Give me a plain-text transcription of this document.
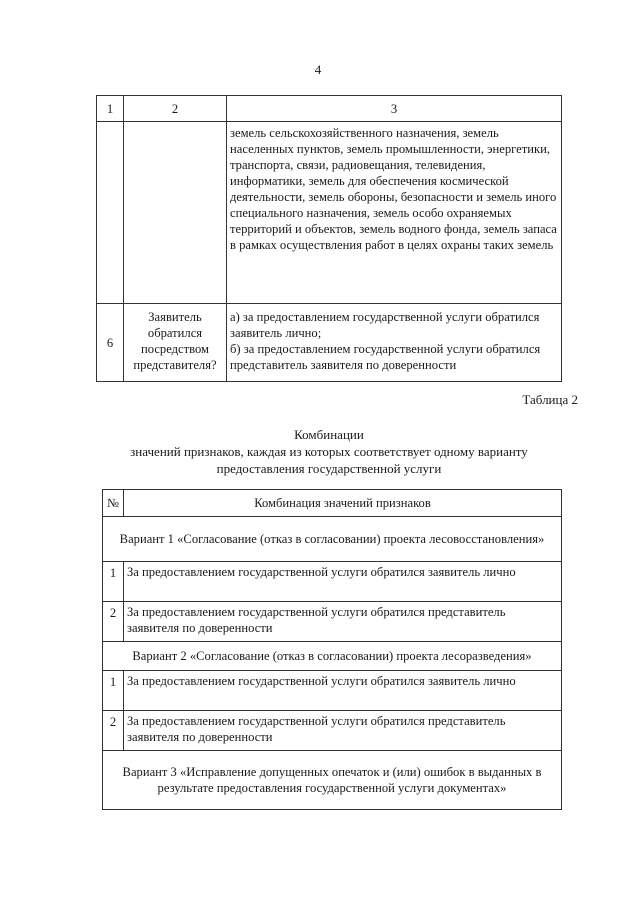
4
1	2	3
		земель сельскохозяйственного назначения, земель населенных пунктов, земель промышленности, энергетики, транспорта, связи, радиовещания, телевидения, информатики, земель для обеспечения космической деятельности, земель обороны, безопасности и земель иного специального назначения, земель особо охраняемых территорий и объектов, земель водного фонда, земель запаса в рамках осуществления работ в целях охраны таких земель
6	Заявитель обратился посредством представителя?	а) за предоставлением государственной услуги обратился заявитель лично;
б) за предоставлением государственной услуги обратился представитель заявителя по доверенности
Таблица 2
Комбинации
значений признаков, каждая из которых соответствует одному варианту
предоставления государственной услуги
№	Комбинация значений признаков
Вариант 1 «Согласование (отказ в согласовании) проекта лесовосстановления»	
1	За предоставлением государственной услуги обратился заявитель лично
2	За предоставлением государственной услуги обратился представитель заявителя по доверенности
Вариант 2 «Согласование (отказ в согласовании) проекта лесоразведения»	
1	За предоставлением государственной услуги обратился заявитель лично
2	За предоставлением государственной услуги обратился представитель заявителя по доверенности
Вариант 3 «Исправление допущенных опечаток и (или) ошибок в выданных в результате предоставления государственной услуги документах»	
